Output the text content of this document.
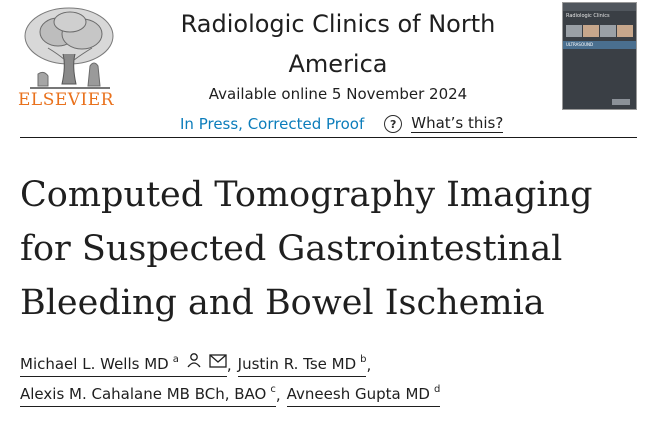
ELSEVIER
Radiologic Clinics of North America
Available online 5 November 2024
In Press, Corrected Proof	? What’s this?
Radiologic Clinics
ULTRASOUND

Computed Tomography Imaging for Suspected Gastrointestinal Bleeding and Bowel Ischemia
Michael L. Wells MD $^a$	, Justin R. Tse MD $^b$ ,
Alexis M. Cahalane MB BCh, BAO $^c$ , Avneesh Gupta MD $^d$
